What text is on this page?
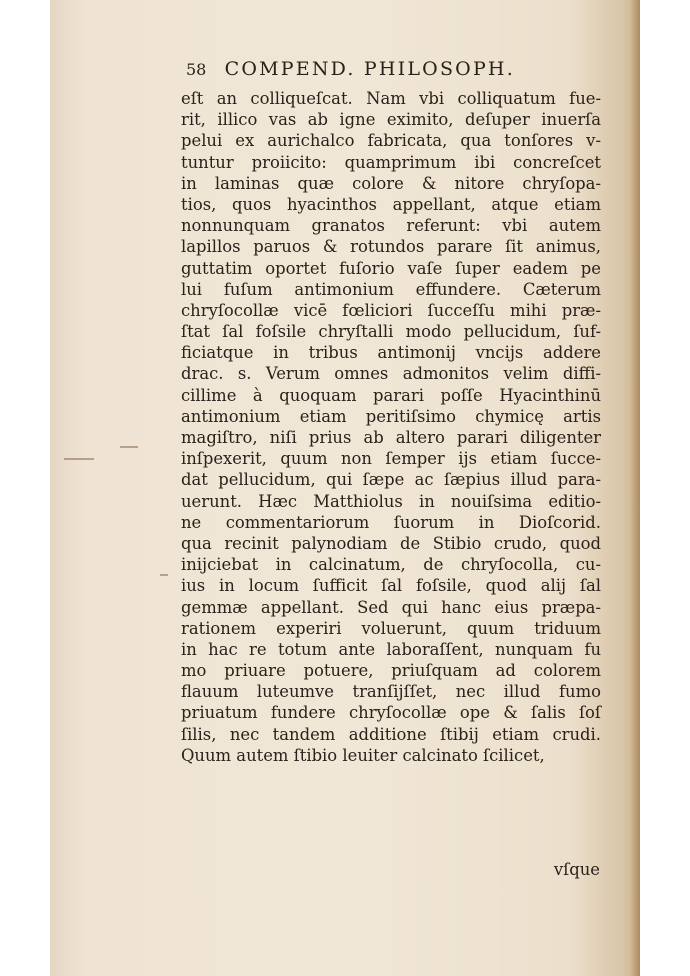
58 COMPEND. PHILOSOPH.
eſt an colliqueſcat. Nam vbi colliquatum fue-
rit, illico vas ab igne eximito, deſuper inuerſa
pelui ex aurichalco fabricata, qua tonſores v-
tuntur proiicito: quamprimum ibi concreſcet
in laminas quæ colore & nitore chryſopa-
tios, quos hyacinthos appellant, atque etiam
nonnunquam granatos referunt: vbi autem
lapillos paruos & rotundos parare ſit animus,
guttatim oportet fuſorio vaſe ſuper eadem pe
lui fuſum antimonium effundere. Cæterum
chryſocollæ vicē fœliciori ſucceſſu mihi præ-
ſtat ſal foſsile chryſtalli modo pellucidum, ſuf-
ficiatque in tribus antimonij vncijs addere
drac. s. Verum omnes admonitos velim diffi-
cillime à quoquam parari poſſe Hyacinthinū
antimonium etiam peritiſsimo chymicę artis
magiſtro, niſi prius ab altero parari diligenter
inſpexerit, quum non ſemper ijs etiam ſucce-
dat pellucidum, qui ſæpe ac ſæpius illud para-
uerunt. Hæc Matthiolus in nouiſsima editio-
ne commentariorum ſuorum in Dioſcorid.
qua recinit palynodiam de Stibio crudo, quod
inijciebat in calcinatum, de chryſocolla, cu-
ius in locum ſufficit ſal foſsile, quod alij ſal
gemmæ appellant. Sed qui hanc eius præpa-
rationem experiri voluerunt, quum triduum
in hac re totum ante laboraſſent, nunquam fu
mo priuare potuere, priuſquam ad colorem
flauum luteumve tranſijſſet, nec illud fumo
priuatum fundere chryſocollæ ope & ſalis ſoſ
ſilis, nec tandem additione ſtibij etiam crudi.
Quum autem ſtibio leuiter calcinato ſcilicet,
vſque
